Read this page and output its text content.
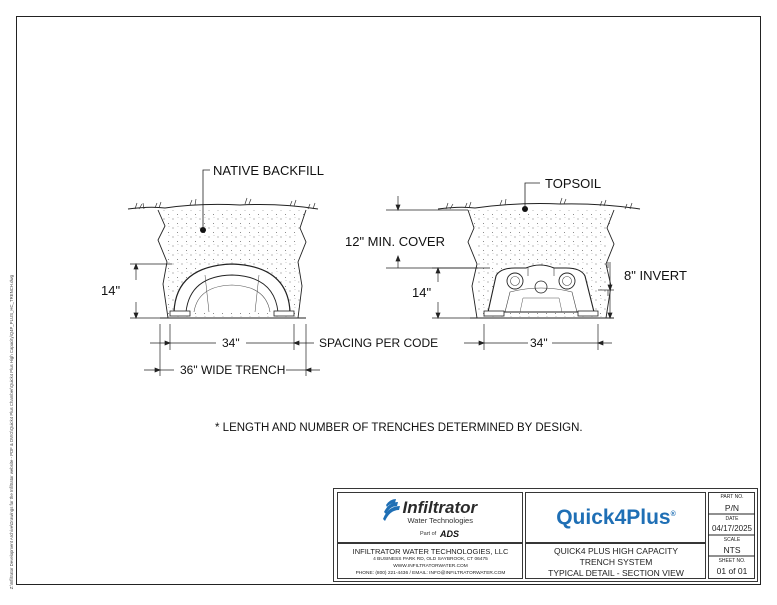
Z:\Infiltrator Development Archive\Drawings for the Infiltrator website - PDF & DWG\Quick4 Plus Chamber\Quick4 Plus High Capacity\Q4P_PLUS_HC_TRENCH.dwg
NATIVE BACKFILL
TOPSOIL
12" MIN. COVER
8" INVERT
14"	14"
34"	34"
SPACING PER CODE
36" WIDE TRENCH
* LENGTH AND NUMBER OF TRENCHES DETERMINED BY DESIGN.
Infiltrator
Water Technologies
Part of ADS
INFILTRATOR WATER TECHNOLOGIES, LLC
4 BUSINESS PARK RD, OLD SAYBROOK, CT 06475
WWW.INFILTRATORWATER.COM
PHONE: (800) 221-4436 / EMAIL: INFO@INFILTRATORWATER.COM
Quick4Plus®
QUICK4 PLUS HIGH CAPACITY
TRENCH SYSTEM
TYPICAL DETAIL - SECTION VIEW
PART NO.
P/N
DATE
04/17/2025
SCALE
NTS
SHEET NO.
01 of 01
